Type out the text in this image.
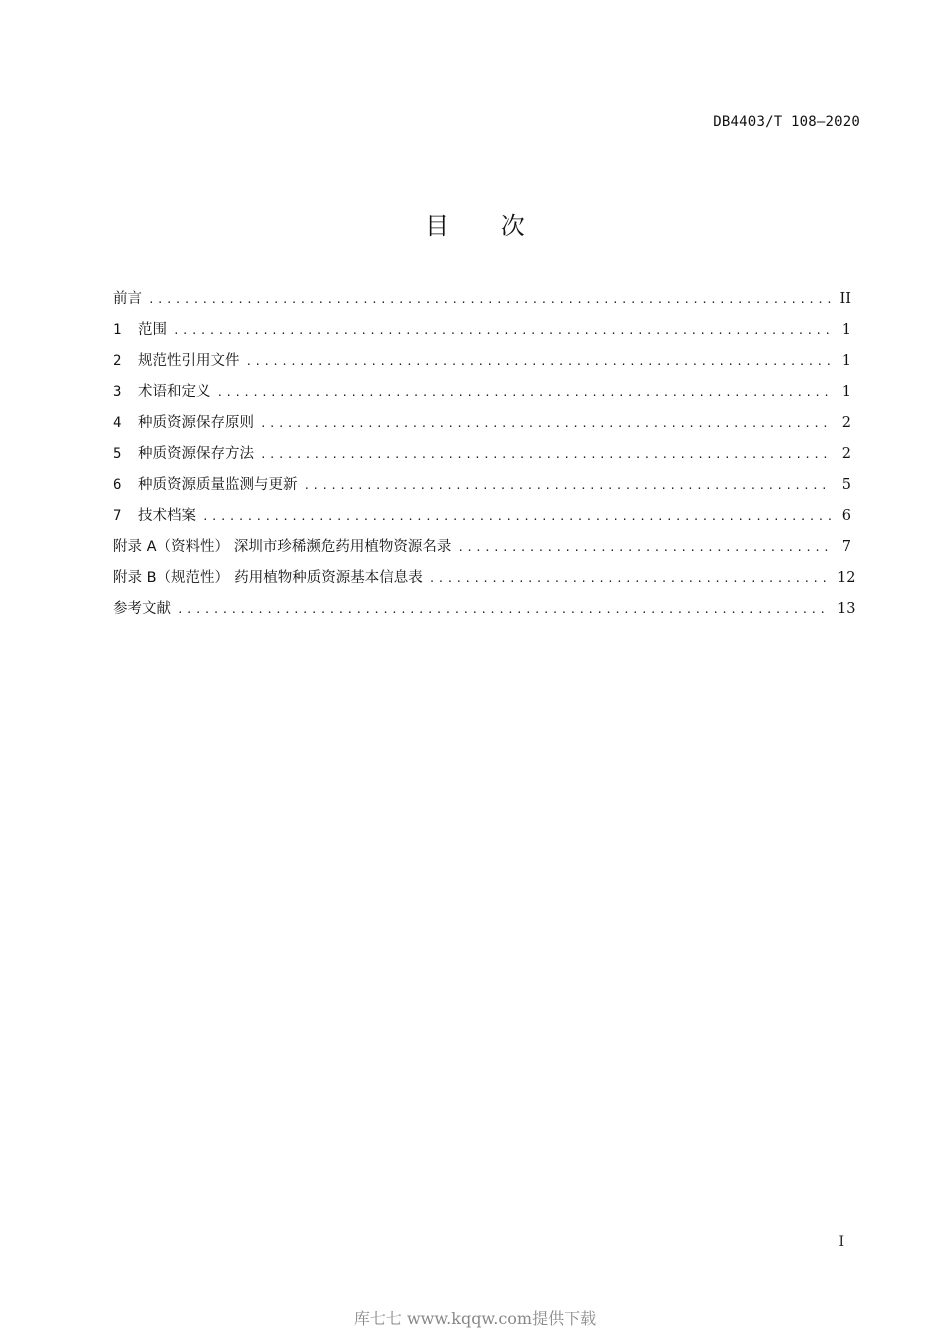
DB4403/T 108—2020
目 次
前言 .....	II
1	范围 .....	1
2	规范性引用文件 .....	1
3	术语和定义 .....	1
4	种质资源保存原则 .....	2
5	种质资源保存方法 .....	2
6	种质资源质量监测与更新 .....	5
7	技术档案 .....	6
附录 A（资料性） 深圳市珍稀濒危药用植物资源名录 .....	7
附录 B（规范性） 药用植物种质资源基本信息表 .....	12
参考文献 .....	13
I
库七七 www.kqqw.com提供下载
